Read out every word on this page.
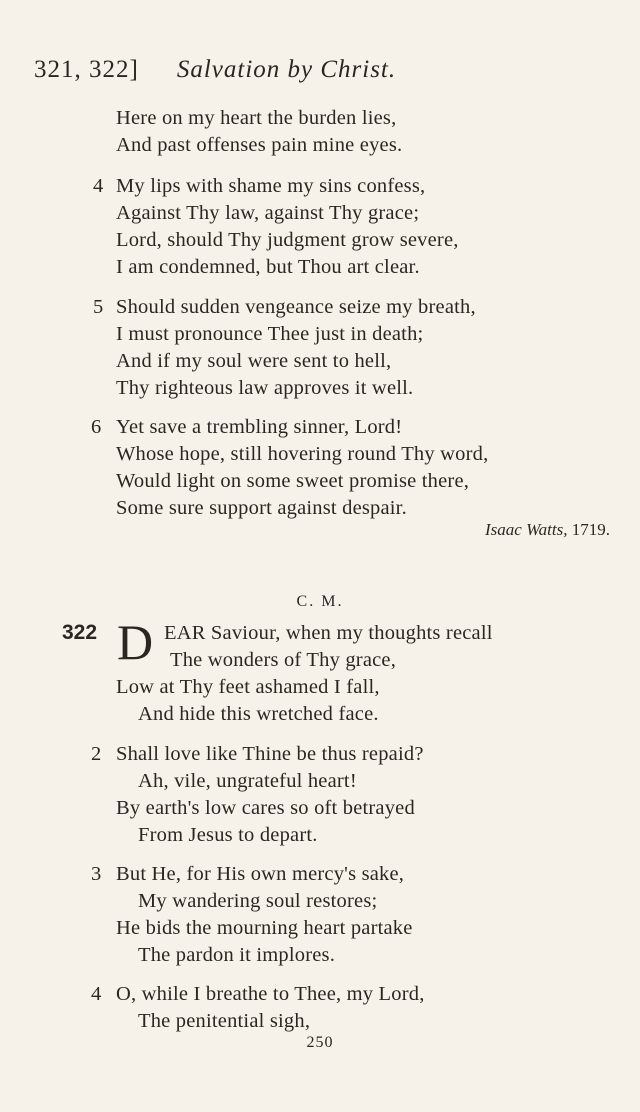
321, 322] Salvation by Christ.
Here on my heart the burden lies,
And past offenses pain mine eyes.
4 My lips with shame my sins confess,
Against Thy law, against Thy grace;
Lord, should Thy judgment grow severe,
I am condemned, but Thou art clear.
5 Should sudden vengeance seize my breath,
I must pronounce Thee just in death;
And if my soul were sent to hell,
Thy righteous law approves it well.
6 Yet save a trembling sinner, Lord!
Whose hope, still hovering round Thy word,
Would light on some sweet promise there,
Some sure support against despair.
Isaac Watts, 1719.
C. M.
322 D EAR Saviour, when my thoughts recall
The wonders of Thy grace,
Low at Thy feet ashamed I fall,
And hide this wretched face.
2 Shall love like Thine be thus repaid?
Ah, vile, ungrateful heart!
By earth's low cares so oft betrayed
From Jesus to depart.
3 But He, for His own mercy's sake,
My wandering soul restores;
He bids the mourning heart partake
The pardon it implores.
4 O, while I breathe to Thee, my Lord,
The penitential sigh,
250
